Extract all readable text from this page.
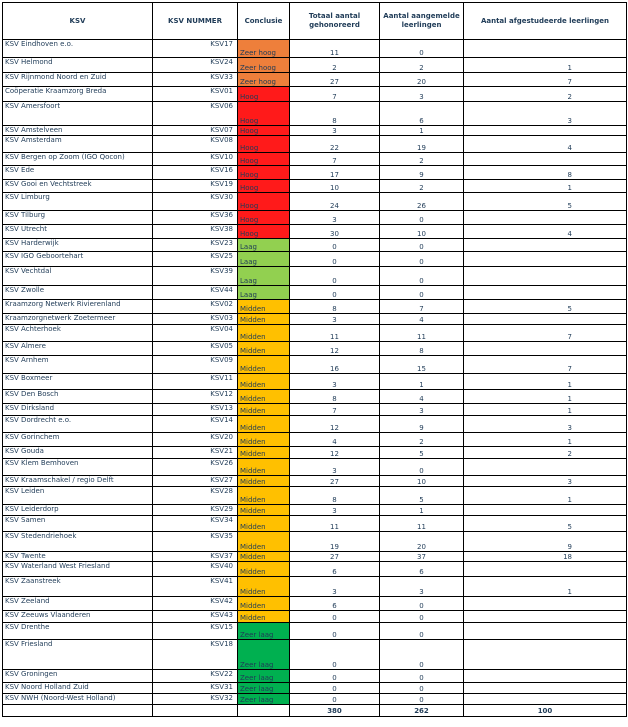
KSV	KSV NUMMER	Conclusie	Totaal aantal gehonoreerd	Aantal aangemelde leerlingen	Aantal afgestudeerde leerlingen
KSV Eindhoven e.o.	KSV17	Zeer hoog	11	0	
KSV Helmond	KSV24	Zeer hoog	2	2	1
KSV Rijnmond Noord en Zuid	KSV33	Zeer hoog	27	20	7
Coöperatie Kraamzorg Breda	KSV01	Hoog	7	3	2
KSV Amersfoort	KSV06	Hoog	8	6	3
KSV Amstelveen	KSV07	Hoog	3	1	
KSV Amsterdam	KSV08	Hoog	22	19	4
KSV Bergen op Zoom (IGO Qocon)	KSV10	Hoog	7	2	
KSV Ede	KSV16	Hoog	17	9	8
KSV Gooi en Vechtstreek	KSV19	Hoog	10	2	1
KSV Limburg	KSV30	Hoog	24	26	5
KSV Tilburg	KSV36	Hoog	3	0	
KSV Utrecht	KSV38	Hoog	30	10	4
KSV Harderwijk	KSV23	Laag	0	0	
KSV IGO Geboortehart	KSV25	Laag	0	0	
KSV Vechtdal	KSV39	Laag	0	0	
KSV Zwolle	KSV44	Laag	0	0	
Kraamzorg Netwerk Rivierenland	KSV02	Midden	8	7	5
Kraamzorgnetwerk Zoetermeer	KSV03	Midden	3	4	
KSV Achterhoek	KSV04	Midden	11	11	7
KSV Almere	KSV05	Midden	12	8	
KSV Arnhem	KSV09	Midden	16	15	7
KSV Boxmeer	KSV11	Midden	3	1	1
KSV Den Bosch	KSV12	Midden	8	4	1
KSV Dirksland	KSV13	Midden	7	3	1
KSV Dordrecht e.o.	KSV14	Midden	12	9	3
KSV Gorinchem	KSV20	Midden	4	2	1
KSV Gouda	KSV21	Midden	12	5	2
KSV Klem Bemhoven	KSV26	Midden	3	0	
KSV Kraamschakel / regio Delft	KSV27	Midden	27	10	3
KSV Leiden	KSV28	Midden	8	5	1
KSV Leiderdorp	KSV29	Midden	3	1	
KSV Samen	KSV34	Midden	11	11	5
KSV Stedendriehoek	KSV35	Midden	19	20	9
KSV Twente	KSV37	Midden	27	37	18
KSV Waterland West Friesland	KSV40	Midden	6	6	
KSV Zaanstreek	KSV41	Midden	3	3	1
KSV Zeeland	KSV42	Midden	6	0	
KSV Zeeuws Vlaanderen	KSV43	Midden	0	0	
KSV Drenthe	KSV15	Zeer laag	0	0	
KSV Friesland	KSV18	Zeer laag	0	0	
KSV Groningen	KSV22	Zeer laag	0	0	
KSV Noord Holland Zuid	KSV31	Zeer laag	0	0	
KSV NWH (Noord-West Holland)	KSV32	Zeer laag	0	0	
			380	262	100
